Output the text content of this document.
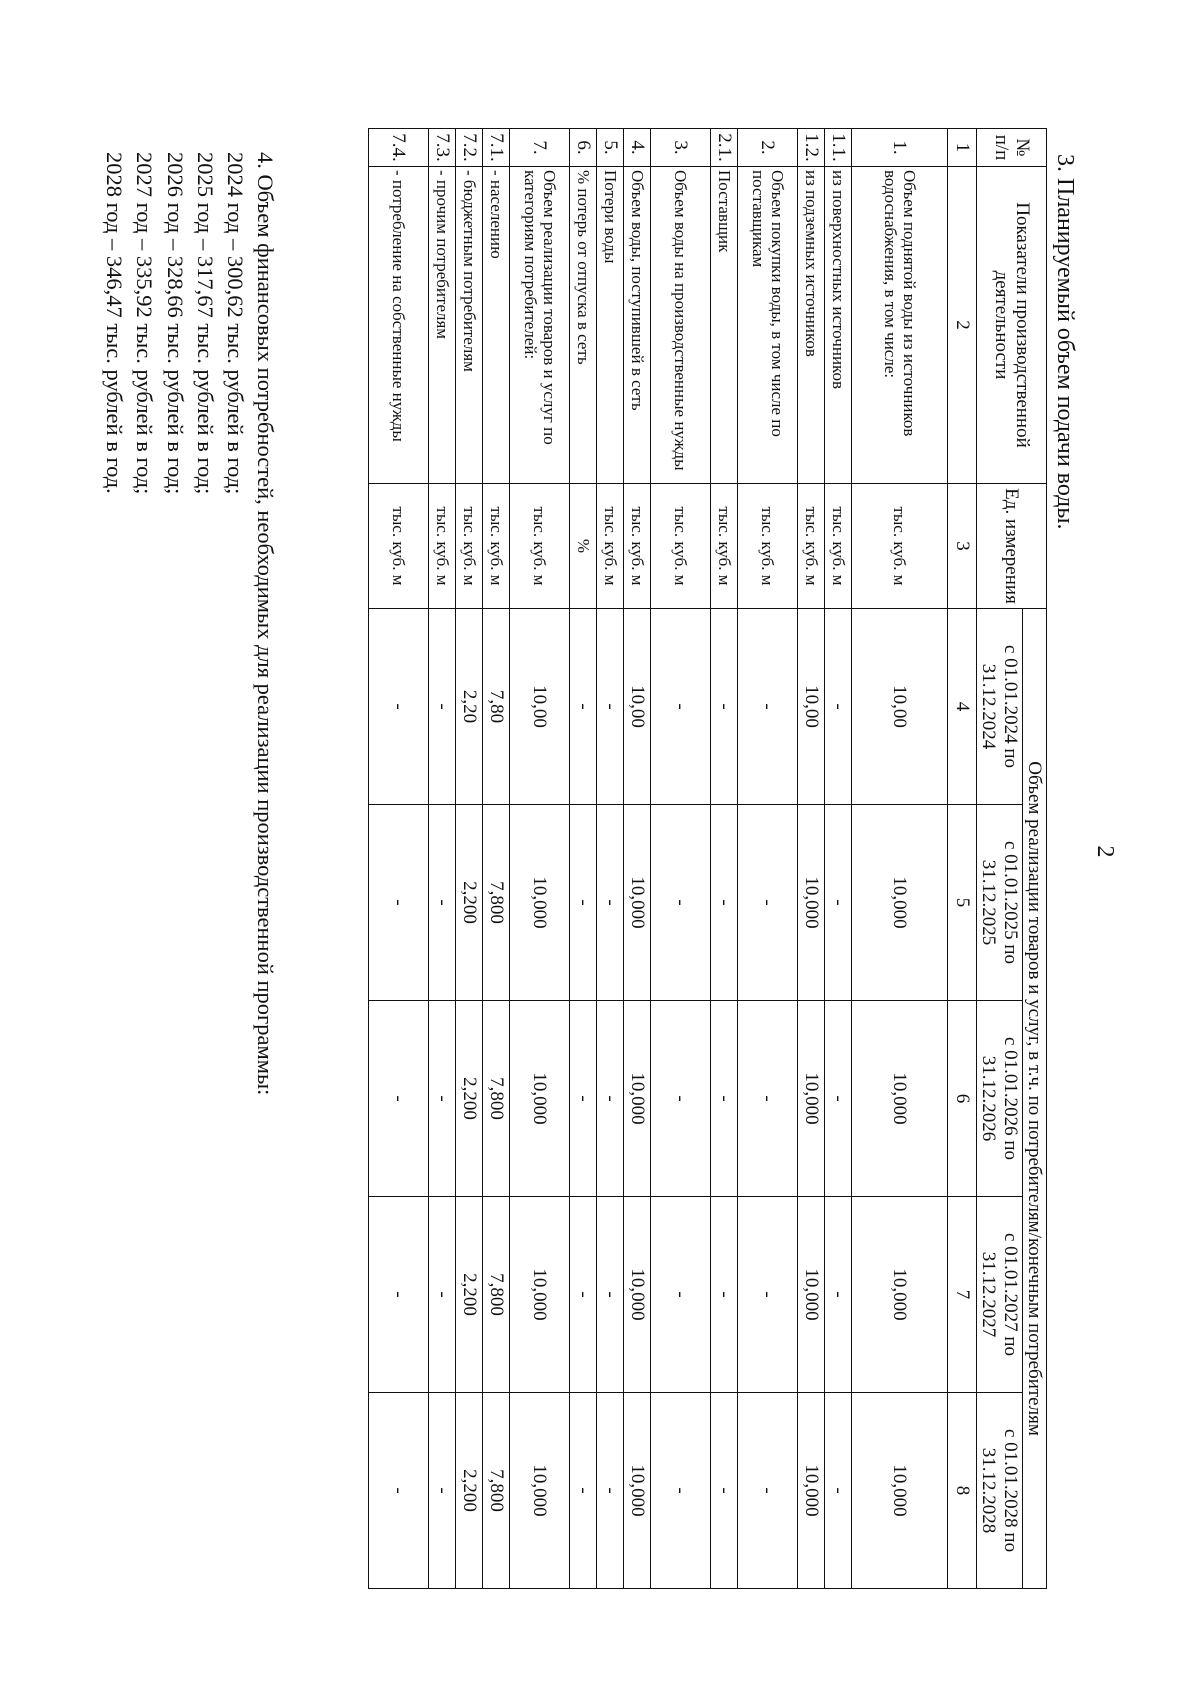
2
3. Планируемый объем подачи воды.
№ п/п	Показатели производственной деятельности	Ед. измерения	Объем реализации товаров и услуг, в т.ч. по потребителям/конечным потребителям				
			с 01.01.2024 по 31.12.2024	с 01.01.2025 по 31.12.2025	с 01.01.2026 по 31.12.2026	с 01.01.2027 по 31.12.2027	с 01.01.2028 по 31.12.2028
1	2	3	4	5	6	7	8
1.	Объем поднятой воды из источников водоснабжения, в том числе:	тыс. куб. м	10,00	10,000	10,000	10,000	10,000
1.1.	из поверхностных источников	тыс. куб. м	-	-	-	-	-
1.2.	из подземных источников	тыс. куб. м	10,00	10,000	10,000	10,000	10,000
2.	Объем покупки воды, в том числе по поставщикам	тыс. куб. м	-	-	-	-	-
2.1.	Поставщик	тыс. куб. м	-	-	-	-	-
3.	Объем воды на производственные нужды	тыс. куб. м	-	-	-	-	-
4.	Объем воды, поступившей в сеть	тыс. куб. м	10,00	10,000	10,000	10,000	10,000
5.	Потери воды	тыс. куб. м	-	-	-	-	-
6.	% потерь от отпуска в сеть	%	-	-	-	-	-
7.	Объем реализации товаров и услуг по категориям потребителей:	тыс. куб. м	10,00	10,000	10,000	10,000	10,000
7.1.	- населению	тыс. куб. м	7,80	7,800	7,800	7,800	7,800
7.2.	- бюджетным потребителям	тыс. куб. м	2,20	2,200	2,200	2,200	2,200
7.3.	- прочим потребителям	тыс. куб. м	-	-	-	-	-
7.4.	- потребление на собственные нужды	тыс. куб. м	-	-	-	-	-

4. Объем финансовых потребностей, необходимых для реализации производственной программы:

2024 год – 300,62 тыс. рублей в год;

2025 год – 317,67 тыс. рублей в год;

2026 год – 328,66 тыс. рублей в год;

2027 год – 335,92 тыс. рублей в год;

2028 год – 346,47 тыс. рублей в год.
